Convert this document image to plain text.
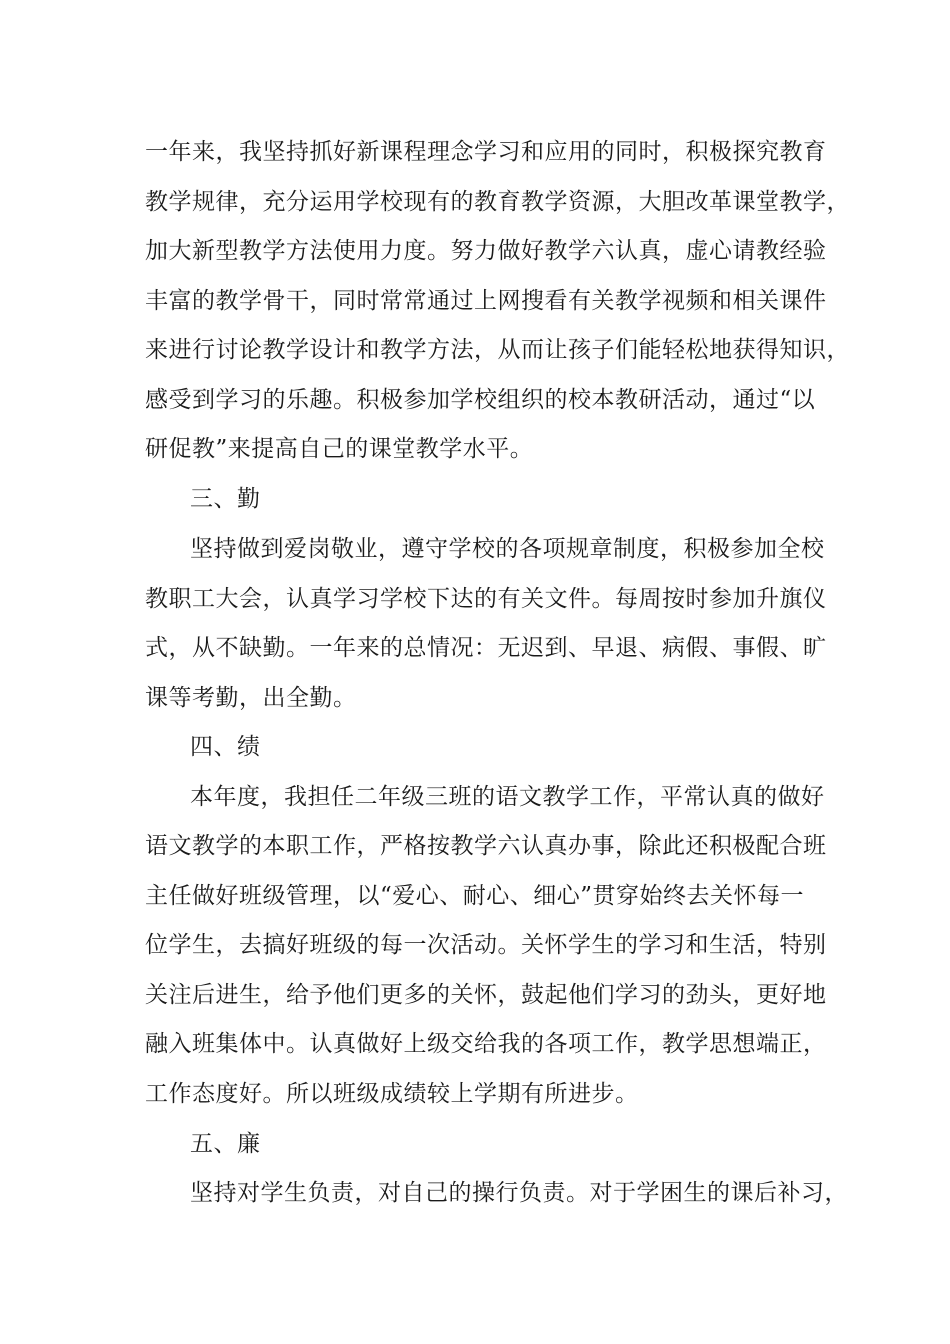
一年来，我坚持抓好新课程理念学习和应用的同时，积极探究教育
教学规律，充分运用学校现有的教育教学资源，大胆改革课堂教学，
加大新型教学方法使用力度。努力做好教学六认真，虚心请教经验
丰富的教学骨干，同时常常通过上网搜看有关教学视频和相关课件
来进行讨论教学设计和教学方法，从而让孩子们能轻松地获得知识，
感受到学习的乐趣。积极参加学校组织的校本教研活动，通过“以
研促教”来提高自己的课堂教学水平。
三、勤
坚持做到爱岗敬业，遵守学校的各项规章制度，积极参加全校
教职工大会，认真学习学校下达的有关文件。每周按时参加升旗仪
式，从不缺勤。一年来的总情况：无迟到、早退、病假、事假、旷
课等考勤，出全勤。
四、绩
本年度，我担任二年级三班的语文教学工作，平常认真的做好
语文教学的本职工作，严格按教学六认真办事，除此还积极配合班
主任做好班级管理，以“爱心、耐心、细心”贯穿始终去关怀每一
位学生，去搞好班级的每一次活动。关怀学生的学习和生活，特别
关注后进生，给予他们更多的关怀，鼓起他们学习的劲头，更好地
融入班集体中。认真做好上级交给我的各项工作，教学思想端正，
工作态度好。所以班级成绩较上学期有所进步。
五、廉
坚持对学生负责，对自己的操行负责。对于学困生的课后补习，
